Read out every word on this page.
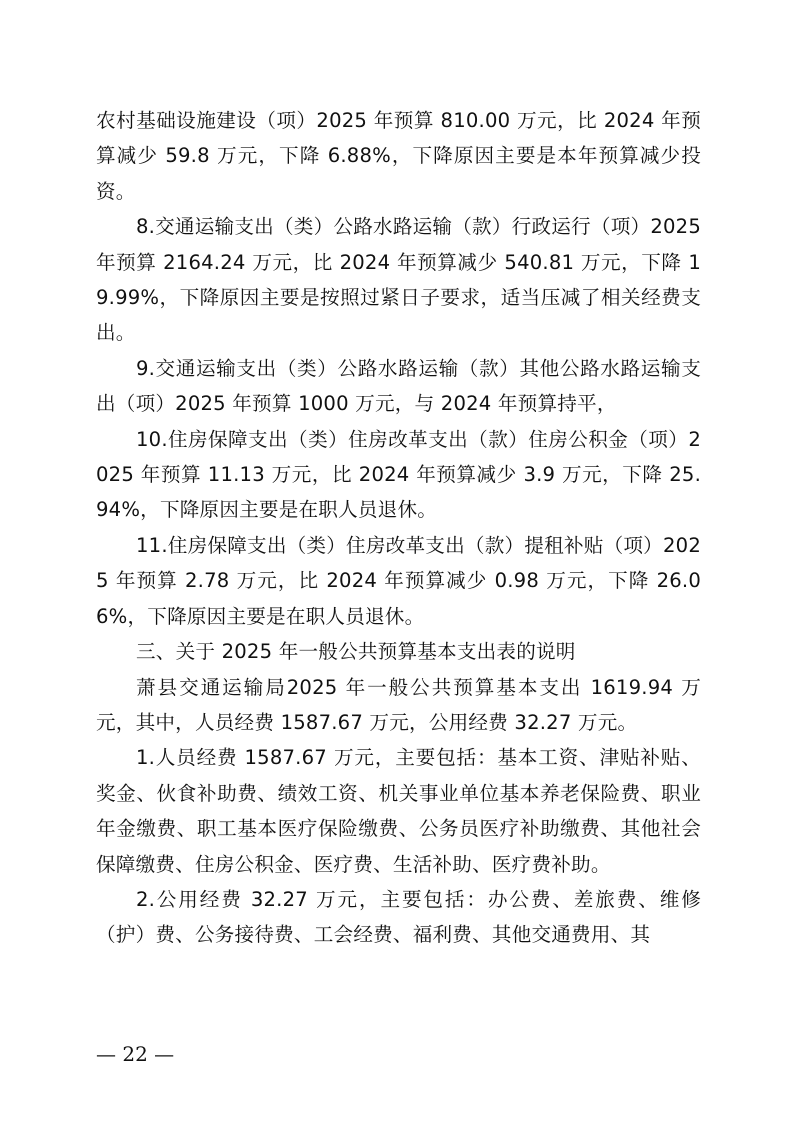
农村基础设施建设（项）2025 年预算 810.00 万元，比 2024 年预算减少 59.8 万元，下降 6.88%，下降原因主要是本年预算减少投资。

8.交通运输支出（类）公路水路运输（款）行政运行（项）2025 年预算 2164.24 万元，比 2024 年预算减少 540.81 万元，下降 19.99%，下降原因主要是按照过紧日子要求，适当压减了相关经费支出。

9.交通运输支出（类）公路水路运输（款）其他公路水路运输支出（项）2025 年预算 1000 万元，与 2024 年预算持平，

10.住房保障支出（类）住房改革支出（款）住房公积金（项）2025 年预算 11.13 万元，比 2024 年预算减少 3.9 万元，下降 25.94%，下降原因主要是在职人员退休。

11.住房保障支出（类）住房改革支出（款）提租补贴（项）2025 年预算 2.78 万元，比 2024 年预算减少 0.98 万元，下降 26.06%，下降原因主要是在职人员退休。

三、关于 2025 年一般公共预算基本支出表的说明

萧县交通运输局2025 年一般公共预算基本支出 1619.94 万元，其中，人员经费 1587.67 万元，公用经费 32.27 万元。

1.人员经费 1587.67 万元，主要包括：基本工资、津贴补贴、奖金、伙食补助费、绩效工资、机关事业单位基本养老保险费、职业年金缴费、职工基本医疗保险缴费、公务员医疗补助缴费、其他社会保障缴费、住房公积金、医疗费、生活补助、医疗费补助。

2.公用经费 32.27 万元，主要包括：办公费、差旅费、维修（护）费、公务接待费、工会经费、福利费、其他交通费用、其

— 22 —
